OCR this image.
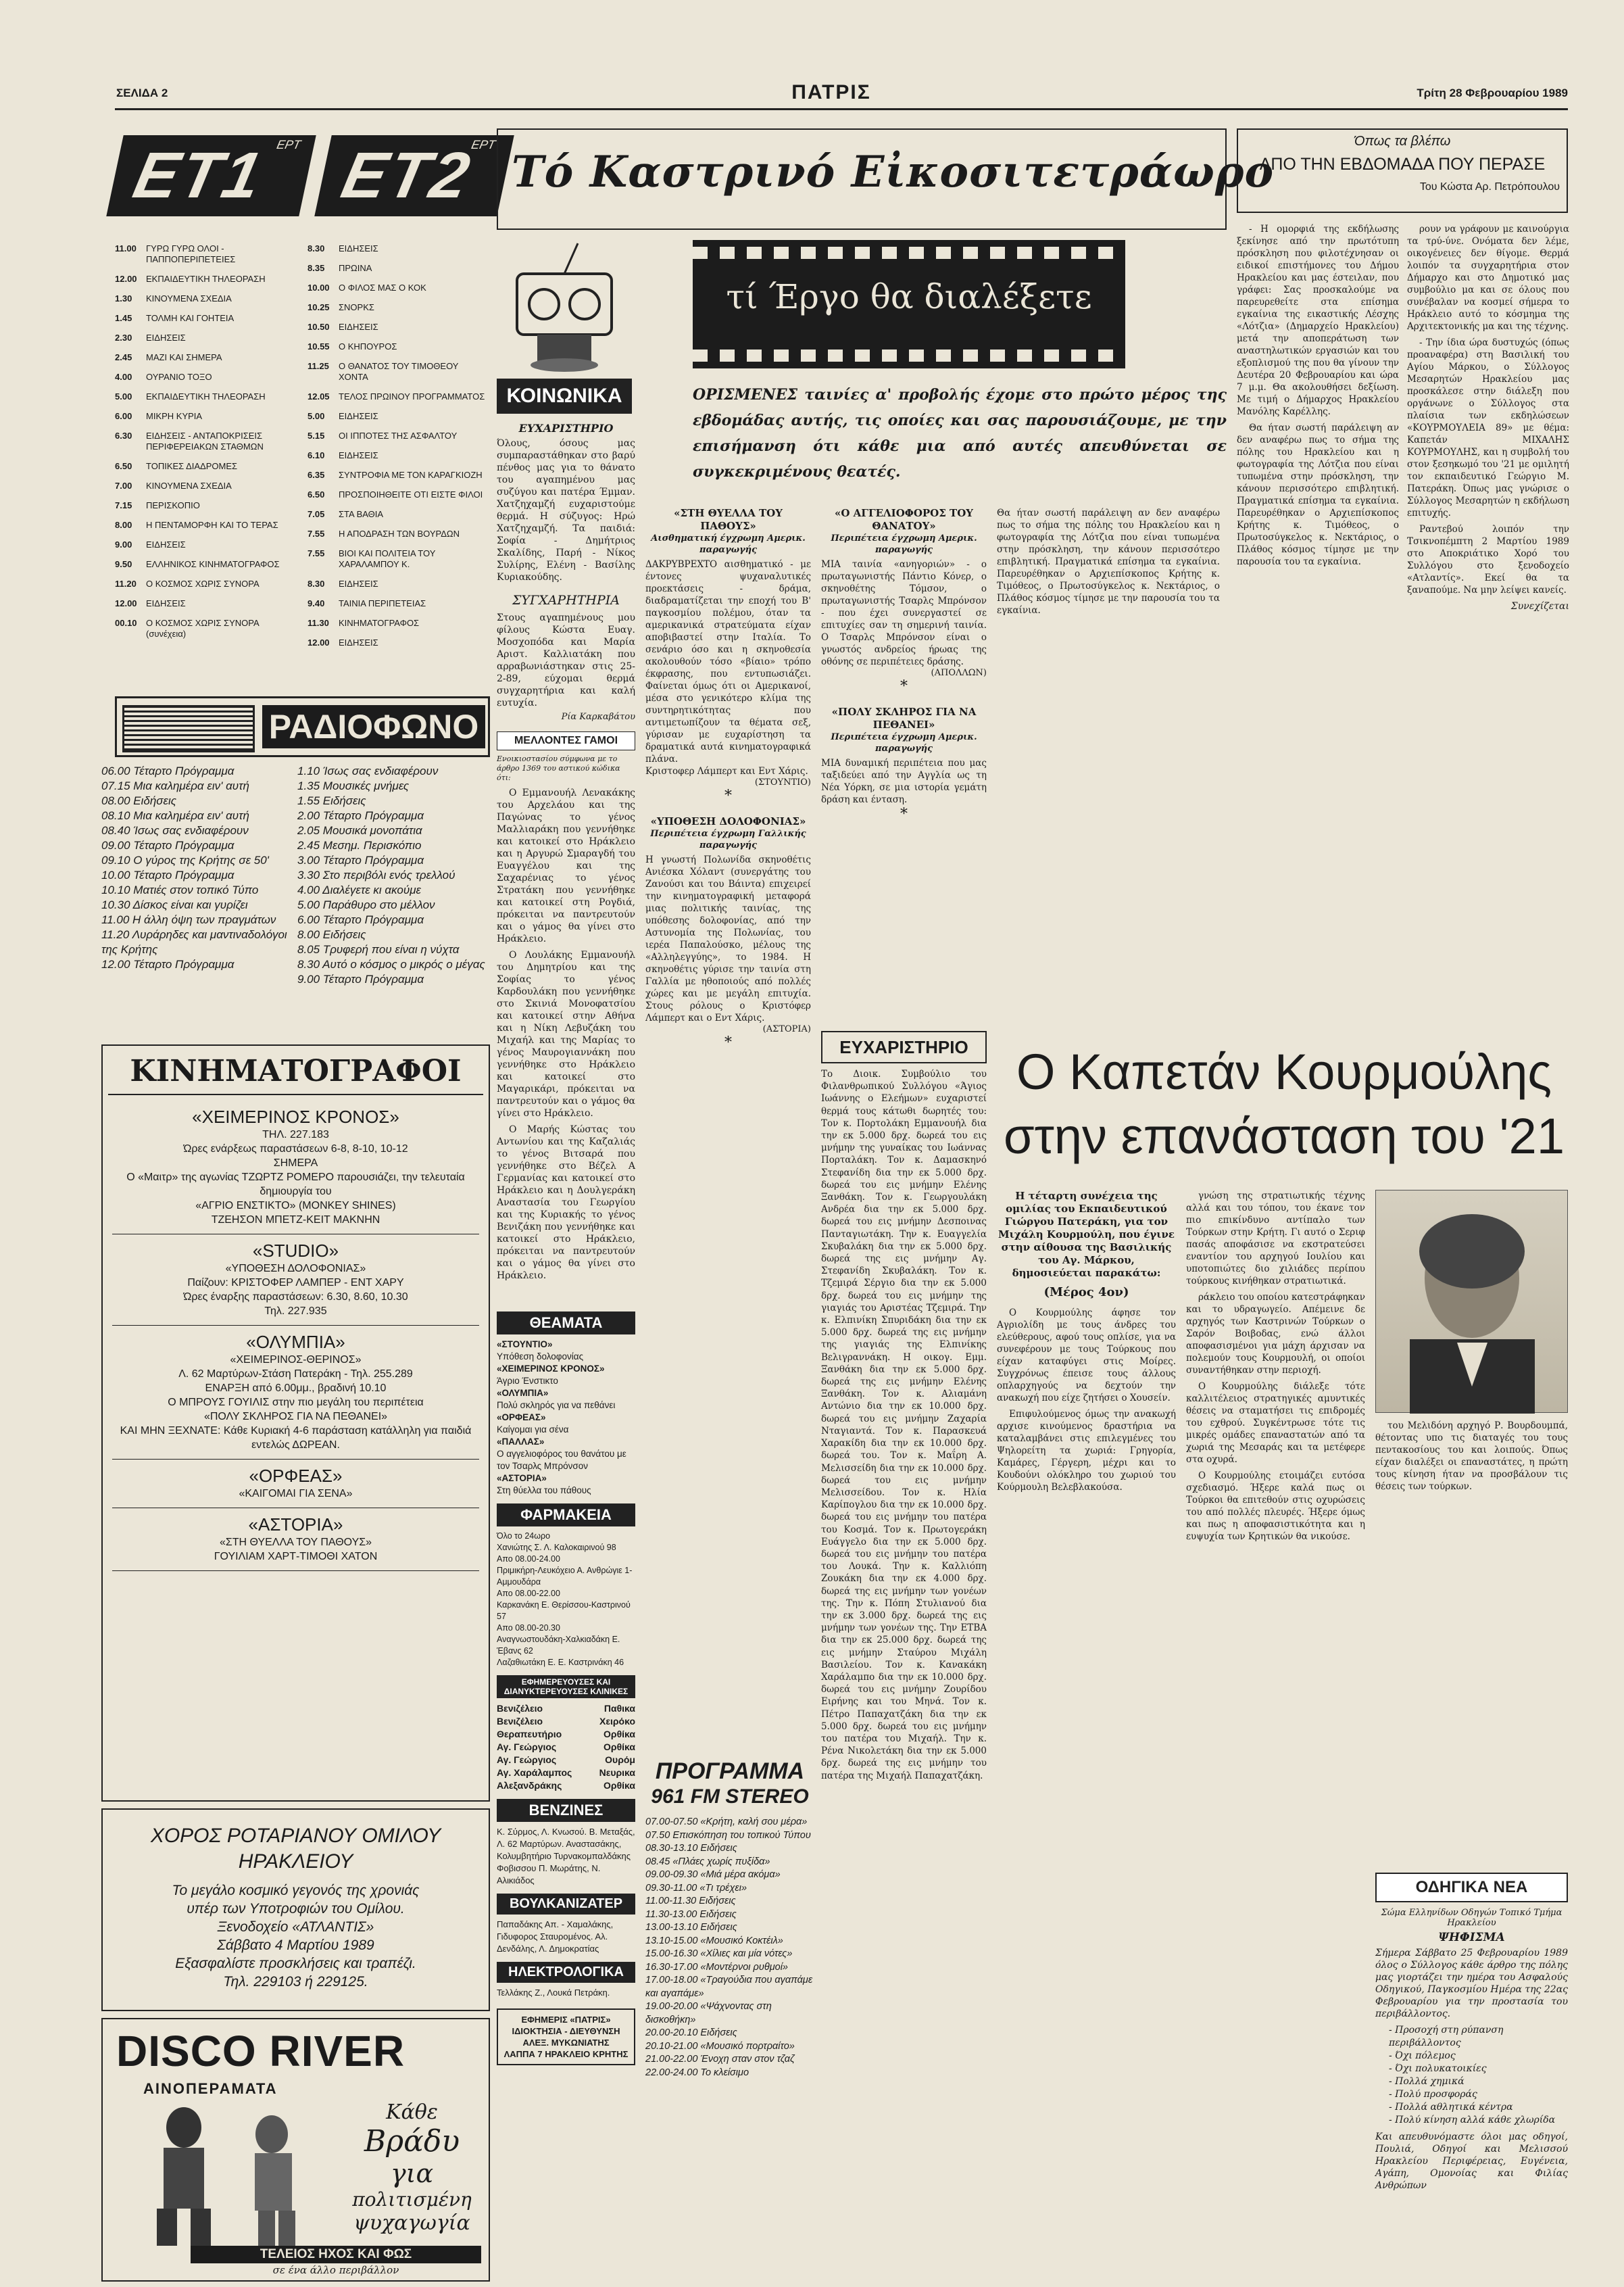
ΣΕΛΙΔΑ 2	ΠΑΤΡΙΣ	Τρίτη 28 Φεβρουαρίου 1989
ΕΤ1 ΕΡΤ ΕΤ2
ΕΡΤ
11.00	ΓΥΡΩ ΓΥΡΩ ΟΛΟΙ - ΠΑΠΠΟΠΕΡΙΠΕΤΕΙΕΣ
12.00	ΕΚΠΑΙΔΕΥΤΙΚΗ ΤΗΛΕΟΡΑΣΗ
1.30	ΚΙΝΟΥΜΕΝΑ ΣΧΕΔΙΑ
1.45	ΤΟΛΜΗ ΚΑΙ ΓΟΗΤΕΙΑ
2.30	ΕΙΔΗΣΕΙΣ
2.45	ΜΑΖΙ ΚΑΙ ΣΗΜΕΡΑ
4.00	ΟΥΡΑΝΙΟ ΤΟΞΟ
5.00	ΕΚΠΑΙΔΕΥΤΙΚΗ ΤΗΛΕΟΡΑΣΗ
6.00	ΜΙΚΡΗ ΚΥΡΙΑ
6.30	ΕΙΔΗΣΕΙΣ - ΑΝΤΑΠΟΚΡΙΣΕΙΣ ΠΕΡΙΦΕΡΕΙΑΚΩΝ ΣΤΑΘΜΩΝ
6.50	ΤΟΠΙΚΕΣ ΔΙΑΔΡΟΜΕΣ
7.00	ΚΙΝΟΥΜΕΝΑ ΣΧΕΔΙΑ
7.15	ΠΕΡΙΣΚΟΠΙΟ
8.00	Η ΠΕΝΤΑΜΟΡΦΗ ΚΑΙ ΤΟ ΤΕΡΑΣ
9.00	ΕΙΔΗΣΕΙΣ
9.50	ΕΛΛΗΝΙΚΟΣ ΚΙΝΗΜΑΤΟΓΡΑΦΟΣ
11.20	Ο ΚΟΣΜΟΣ ΧΩΡΙΣ ΣΥΝΟΡΑ
12.00	ΕΙΔΗΣΕΙΣ
00.10	Ο ΚΟΣΜΟΣ ΧΩΡΙΣ ΣΥΝΟΡΑ (συνέχεια)
8.30	ΕΙΔΗΣΕΙΣ
8.35	ΠΡΩΙΝΑ
10.00	Ο ΦΙΛΟΣ ΜΑΣ Ο ΚΟΚ
10.25	ΣΝΟΡΚΣ
10.50	ΕΙΔΗΣΕΙΣ
10.55	Ο ΚΗΠΟΥΡΟΣ
11.25	Ο ΘΑΝΑΤΟΣ ΤΟΥ ΤΙΜΟΘΕΟΥ ΧΟΝΤΑ
12.05	ΤΕΛΟΣ ΠΡΩΙΝΟΥ ΠΡΟΓΡΑΜΜΑΤΟΣ
5.00	ΕΙΔΗΣΕΙΣ
5.15	ΟΙ ΙΠΠΟΤΕΣ ΤΗΣ ΑΣΦΑΛΤΟΥ
6.10	ΕΙΔΗΣΕΙΣ
6.35	ΣΥΝΤΡΟΦΙΑ ΜΕ ΤΟΝ ΚΑΡΑΓΚΙΟΖΗ
6.50	ΠΡΟΣΠΟΙΗΘΕΙΤΕ ΟΤΙ ΕΙΣΤΕ ΦΙΛΟΙ
7.05	ΣΤΑ ΒΑΘΙΑ
7.55	Η ΑΠΟΔΡΑΣΗ ΤΩΝ ΒΟΥΡΔΩΝ
7.55	ΒΙΟΙ ΚΑΙ ΠΟΛΙΤΕΙΑ ΤΟΥ ΧΑΡΑΛΑΜΠΟΥ Κ.
8.30	ΕΙΔΗΣΕΙΣ
9.40	ΤΑΙΝΙΑ ΠΕΡΙΠΕΤΕΙΑΣ
11.30	ΚΙΝΗΜΑΤΟΓΡΑΦΟΣ
12.00	ΕΙΔΗΣΕΙΣ
ΡΑΔΙΟΦΩΝΟ
06.00 Τέταρτο Πρόγραμμα
07.15 Μια καλημέρα ειν' αυτή
08.00 Ειδήσεις
08.10 Μια καλημέρα ειν' αυτή
08.40 Ίσως σας ενδιαφέρουν
09.00 Τέταρτο Πρόγραμμα
09.10 Ο γύρος της Κρήτης σε 50'
10.00 Τέταρτο Πρόγραμμα
10.10 Ματιές στον τοπικό Τύπο
10.30 Δίσκος είναι και γυρίζει
11.00 Η άλλη όψη των πραγμάτων
11.20 Λυράρηδες και μαντιναδολόγοι της Κρήτης
12.00 Τέταρτο Πρόγραμμα
1.10 Ίσως σας ενδιαφέρουν
1.35 Μουσικές μνήμες
1.55 Ειδήσεις
2.00 Τέταρτο Πρόγραμμα
2.05 Μουσικά μονοπάτια
2.45 Μεσημ. Περισκόπιο
3.00 Τέταρτο Πρόγραμμα
3.30 Στο περιβόλι ενός τρελλού
4.00 Διαλέγετε κι ακούμε
5.00 Παράθυρο στο μέλλον
6.00 Τέταρτο Πρόγραμμα
8.00 Ειδήσεις
8.05 Τρυφερή που είναι η νύχτα
8.30 Αυτό ο κόσμος ο μικρός ο μέγας
9.00 Τέταρτο Πρόγραμμα
ΚΙΝΗΜΑΤΟΓΡΑΦΟΙ
«ΧΕΙΜΕΡΙΝΟΣ ΚΡΟΝΟΣ»
ΤΗΛ. 227.183
Ώρες ενάρξεως παραστάσεων 6-8, 8-10, 10-12
ΣΗΜΕΡΑ
Ο «Μαιτρ» της αγωνίας ΤΖΩΡΤΖ ΡΟΜΕΡΟ παρουσιάζει, την τελευταία δημιουργία του
«ΑΓΡΙΟ ΕΝΣΤΙΚΤΟ» (MONKEY SHINES)
ΤΖΕΗΣΟΝ ΜΠΕΤΖ-ΚΕΙΤ ΜΑΚΝΗΝ
«STUDIO»
«ΥΠΟΘΕΣΗ ΔΟΛΟΦΟΝΙΑΣ»
Παίζουν: ΚΡΙΣΤΟΦΕΡ ΛΑΜΠΕΡ - ΕΝΤ ΧΑΡΥ
Ώρες έναρξης παραστάσεων: 6.30, 8.60, 10.30
Τηλ. 227.935
«ΟΛΥΜΠΙΑ»
«ΧΕΙΜΕΡΙΝΟΣ-ΘΕΡΙΝΟΣ»
Λ. 62 Μαρτύρων-Στάση Πατεράκη - Τηλ. 255.289
ΕΝΑΡΞΗ από 6.00μμ., βραδινή 10.10
Ο ΜΠΡΟΥΣ ΓΟΥΙΛΙΣ στην πιο μεγάλη του περιπέτεια
«ΠΟΛΥ ΣΚΛΗΡΟΣ ΓΙΑ ΝΑ ΠΕΘΑΝΕΙ»
ΚΑΙ ΜΗΝ ΞΕΧΝΑΤΕ: Κάθε Κυριακή 4-6 παράσταση κατάλληλη για παιδιά εντελώς ΔΩΡΕΑΝ.
«ΟΡΦΕΑΣ»
«ΚΑΙΓΟΜΑΙ ΓΙΑ ΣΕΝΑ»
«ΑΣΤΟΡΙΑ»
«ΣΤΗ ΘΥΕΛΛΑ ΤΟΥ ΠΑΘΟΥΣ»
ΓΟΥΙΛΙΑΜ ΧΑΡΤ-ΤΙΜΟΘΙ ΧΑΤΟΝ
ΧΟΡΟΣ ΡΟΤΑΡΙΑΝΟΥ ΟΜΙΛΟΥ ΗΡΑΚΛΕΙΟΥ
Το μεγάλο κοσμικό γεγονός της χρονιάς
υπέρ των Υποτροφιών του Ομίλου.
Ξενοδοχείο «ΑΤΛΑΝΤΙΣ»
Σάββατο 4 Μαρτίου 1989
Εξασφαλίστε προσκλήσεις και τραπέζι.
Τηλ. 229103 ή 229125.
DISCO RIVER
ΑΙΝΟΠΕΡΑΜΑΤΑ
Κάθε
Βράδυ
για
πολιτισμένη
ψυχαγωγία
ΤΕΛΕΙΟΣ ΗΧΟΣ ΚΑΙ ΦΩΣ
σε ένα άλλο περιβάλλον
Τό Καστρινό Εἰκοσιτετράωρο
ΚΟΙΝΩΝΙΚΑ
ΕΥΧΑΡΙΣΤΗΡΙΟ
Όλους, όσους μας συμπαραστάθηκαν στο βαρύ πένθος μας για το θάνατο του αγαπημένου μας συζύγου και πατέρα Έμμαν. Χατζηχαμζή ευχαριστούμε θερμά. Η σύζυγος: Ηρώ Χατζηχαμζή. Τα παιδιά: Σοφία - Δημήτριος Σκαλίδης, Παρή - Νίκος Συλίρης, Ελένη - Βασίλης Κυριακούδης.
ΣΥΓΧΑΡΗΤΗΡΙΑ
Στους αγαπημένους μου φίλους Κώστα Ευαγ. Μοσχοπόδα και Μαρία Αριστ. Καλλιατάκη που αρραβωνιάστηκαν στις 25-2-89, εύχομαι θερμά συγχαρητήρια και καλή ευτυχία.
Ρία Καρκαβάτου
ΜΕΛΛΟΝΤΕΣ ΓΑΜΟΙ
Ενοικιοστασίου σύμφωνα με το άρθρο 1369 του αστικού κώδικα ότι:

Ο Εμμανουήλ Λενακάκης του Αρχελάου και της Παγώνας το γένος Μαλλιαράκη που γεννήθηκε και κατοικεί στο Ηράκλειο και η Αργυρώ Σμαραγδή του Ευαγγέλου και της Σαχαρένιας το γένος Στρατάκη που γεννήθηκε και κατοικεί στη Ρογδιά, πρόκειται να παντρευτούν και ο γάμος θα γίνει στο Ηράκλειο.

Ο Λουλάκης Εμμανουήλ του Δημητρίου και της Σοφίας το γένος Καρδουλάκη που γεννήθηκε στο Σκινιά Μονοφατσίου και κατοικεί στην Αθήνα και η Νίκη Λεβυζάκη του Μιχαήλ και της Μαρίας το γένος Μαυρογιαννάκη που γεννήθηκε στο Ηράκλειο και κατοικεί στο Μαγαρικάρι, πρόκειται να παντρευτούν και ο γάμος θα γίνει στο Ηράκλειο.

Ο Μαρής Κώστας του Αντωνίου και της Καζαλιάς το γένος Βιτσαρά που γεννήθηκε στο Βέζελ Α Γερμανίας και κατοικεί στο Ηράκλειο και η Δουλγεράκη Αναστασία του Γεωργίου και της Κυριακής το γένος Βενιζάκη που γεννήθηκε και κατοικεί στο Ηράκλειο, πρόκειται να παντρευτούν και ο γάμος θα γίνει στο Ηράκλειο.

ΘΕΑΜΑΤΑ
«ΣΤΟΥΝΤΙΟ»
Υπόθεση δολοφονίας
«ΧΕΙΜΕΡΙΝΟΣ ΚΡΟΝΟΣ»
Άγριο Ένστικτο
«ΟΛΥΜΠΙΑ»
Πολύ σκληρός για να πεθάνει
«ΟΡΦΕΑΣ»
Καίγομαι για σένα
«ΠΑΛΛΑΣ»
Ο αγγελιοφόρος του θανάτου με τον Τσαρλς Μπρόνσον
«ΑΣΤΟΡΙΑ»
Στη θύελλα του πάθους
ΦΑΡΜΑΚΕΙΑ
Όλο το 24ωρο
Χανιώτης Σ. Λ. Καλοκαιρινού 98
Απο 08.00-24.00
Πριμικήρη-Λευκόχειο Α. Ανθρώγιε 1-Αμμουδάρα
Απο 08.00-22.00
Καρκανάκη Ε. Θερίσσου-Καστρινού 57
Απο 08.00-20.30
Αναγνωστουδάκη-Χαλκιαδάκη Ε. Έβανς 62
Λαζαθιωτάκη Ε. Ε. Καστρινάκη 46
ΕΦΗΜΕΡΕΥΟΥΣΕΣ ΚΑΙ ΔΙΑΝΥΚΤΕΡΕΥΟΥΣΕΣ ΚΛΙΝΙΚΕΣ
Βενιζέλειο	Παθικα
Βενιζέλειο	Χειρόκο
Θεραπευτήριο	Ορθίκα
Αγ. Γεώργιος	Ορθίκα
Αγ. Γεώργιος	Ουρόμ
Αγ. Χαράλαμπος	Νευρικα
Αλεξανδράκης	Ορθίκα
ΒΕΝΖΙΝΕΣ
Κ. Σύρμος, Λ. Κνωσού. Β. Μεταξάς, Λ. 62 Μαρτύρων. Αναστασάκης, Κολυμβητήριο Τυρνακομπαλδάκης Φοβισσου Π. Μωράτης, Ν. Αλικιάδος
ΒΟΥΛΚΑΝΙΖΑΤΕΡ
Παπαδάκης Απ. - Χαμαλάκης, Γιδυφορος Σταυρομένος. Αλ. Δενδάλης, Λ. Δημοκρατίας
ΗΛΕΚΤΡΟΛΟΓΙΚΑ
Τελλάκης Ζ., Λουκά Πετράκη.
ΕΦΗΜΕΡΙΣ «ΠΑΤΡΙΣ»
ΙΔΙΟΚΤΗΣΙΑ - ΔΙΕΥΘΥΝΣΗ
ΑΛΕΞ. ΜΥΚΩΝΙΑΤΗΣ
ΛΑΠΠΑ 7 ΗΡΑΚΛΕΙΟ ΚΡΗΤΗΣ
τί Έργο θα διαλέξετε
ΟΡΙΣΜΕΝΕΣ ταινίες α' προβολής έχομε στο πρώτο μέρος της εβδομάδας αυτής, τις οποίες και σας παρουσιάζουμε, με την επισήμανση ότι κάθε μια από αυτές απευθύνεται σε συγκεκριμένους θεατές.
«ΣΤΗ ΘΥΕΛΛΑ ΤΟΥ ΠΑΘΟΥΣ»
Αισθηματική έγχρωμη Αμερικ. παραγωγής
ΔΑΚΡΥΒΡΕΧΤΟ αισθηματικό - με έντονες ψυχαναλυτικές προεκτάσεις - δράμα, διαδραματίζεται την εποχή του Β' παγκοσμίου πολέμου, όταν τα αμερικανικά στρατεύματα είχαν αποβιβαστεί στην Ιταλία. Το σενάριο όσο και η σκηνοθεσία ακολουθούν τόσο «βίαιο» τρόπο έκφρασης, που εντυπωσιάζει. Φαίνεται όμως ότι οι Αμερικανοί, μέσα στο γενικότερο κλίμα της συντηρητικότητας που αντιμετωπίζουν τα θέματα σεξ, γύρισαν με ευχαρίστηση τα δραματικά αυτά κινηματογραφικά πλάνα.
Κριστοφερ Λάμπερτ και Εντ Χάρις.
(ΣΤΟΥΝΤΙΟ)
*
«ΥΠΟΘΕΣΗ ΔΟΛΟΦΟΝΙΑΣ»
Περιπέτεια έγχρωμη Γαλλικής παραγωγής
Η γνωστή Πολωνίδα σκηνοθέτις Ανιέσκα Χόλαντ (συνεργάτης του Ζανούσι και του Βάιντα) επιχειρεί την κινηματογραφική μεταφορά μιας πολιτικής ταινίας, της υπόθεσης δολοφονίας, από την Αστυνομία της Πολωνίας, του ιερέα Παπαλούσκο, μέλους της «Αλληλεγγύης», το 1984. Η σκηνοθέτις γύρισε την ταινία στη Γαλλία με ηθοποιούς από πολλές χώρες και με μεγάλη επιτυχία. Στους ρόλους ο Κριστόφερ Λάμπερτ και ο Εντ Χάρις.
(ΑΣΤΟΡΙΑ)
*
«Ο ΑΓΓΕΛΙΟΦΟΡΟΣ ΤΟΥ ΘΑΝΑΤΟΥ»
Περιπέτεια έγχρωμη Αμερικ. παραγωγής
ΜΙΑ ταινία «ανηγοριών» - ο πρωταγωνιστής Πάντιο Κόνερ, ο σκηνοθέτης Τόμσον, ο πρωταγωνιστής Τσαρλς Μπρόνσον - που έχει συνεργαστεί σε επιτυχίες σαν τη σημερινή ταινία. Ο Τσαρλς Μπρόνσον είναι ο γνωστός ανδρείος ήρωας της οθόνης σε περιπέτειες δράσης.
(ΑΠΟΛΛΩΝ)
*
«ΠΟΛΥ ΣΚΛΗΡΟΣ ΓΙΑ ΝΑ ΠΕΘΑΝΕΙ»
Περιπέτεια έγχρωμη Αμερικ. παραγωγής
ΜΙΑ δυναμική περιπέτεια που μας ταξιδεύει από την Αγγλία ως τη Νέα Υόρκη, σε μια ιστορία γεμάτη δράση και ένταση.
*
Θα ήταν σωστή παράλειψη αν δεν αναφέρω πως το σήμα της πόλης του Ηρακλείου και η φωτογραφία της Λότζια που είναι τυπωμένα στην πρόσκληση, την κάνουν περισσότερο επιβλητική. Πραγματικά επίσημα τα εγκαίνια. Παρευρέθηκαν ο Αρχιεπίσκοπος Κρήτης κ. Τιμόθεος, ο Πρωτοσύγκελος κ. Νεκτάριος, ο Πλάθος κόσμος τίμησε με την παρουσία του τα εγκαίνια.
ΕΥΧΑΡΙΣΤΗΡΙΟ
Το Διοικ. Συμβούλιο του Φιλανθρωπικού Συλλόγου «Άγιος Ιωάννης ο Ελεήμων» ευχαριστεί θερμά τους κάτωθι δωρητές του: Τον κ. Πορτολάκη Εμμανουήλ δια την εκ 5.000 δρχ. δωρεά του εις μνήμην της γυναίκας του Ιωάννας Πορταλάκη. Τον κ. Δαμασκηνό Στεφανίδη δια την εκ 5.000 δρχ. δωρεά του εις μνήμην Ελένης Ξανθάκη. Τον κ. Γεωργουλάκη Ανδρέα δια την εκ 5.000 δρχ. δωρεά του εις μνήμην Δεσποινας Πανταγιωτάκη. Την κ. Ευαγγελία Σκυβαλάκη δια την εκ 5.000 δρχ. δωρεά της εις μνήμην Αγ. Στεφανίδη Σκυβαλάκη. Τον κ. Τζεμιρά Σέργιο δια την εκ 5.000 δρχ. δωρεά του εις μνήμην της γιαγιάς του Αριστέας Τζεμιρά. Την κ. Ελπινίκη Σπυριδάκη δια την εκ 5.000 δρχ. δωρεά της εις μνήμην της γιαγιάς της Ελπινίκης Βελιγραννάκη. Η οικογ. Εμμ. Ξανθάκη δια την εκ 5.000 δρχ. δωρεά της εις μνήμην Ελένης Ξανθάκη. Τον κ. Αλιαμάνη Αντώνιο δια την εκ 10.000 δρχ. δωρεά του εις μνήμην Ζαχαρία Νταγιαντά. Τον κ. Παρασκευά Χαρακίδη δια την εκ 10.000 δρχ. δωρεά του. Τον κ. Μαΐρη Α. Μελισσείδη δια την εκ 10.000 δρχ. δωρεά του εις μνήμην Μελισσείδου. Τον κ. Ηλία Καρίπογλου δια την εκ 10.000 δρχ. δωρεά του εις μνήμην του πατέρα του Κοσμά. Τον κ. Πρωτογεράκη Ευάγγελο δια την εκ 5.000 δρχ. δωρεά του εις μνήμην του πατέρα του Λουκά. Την κ. Καλλιόπη Ζουκάκη δια την εκ 4.000 δρχ. δωρεά της εις μνήμην των γονέων της. Την κ. Πόπη Στυλιανού δια την εκ 3.000 δρχ. δωρεά της εις μνήμην των γονέων της. Την ΕΤΒΑ δια την εκ 25.000 δρχ. δωρεά της εις μνήμην Σταύρου Μιχάλη Βασιλείου. Τον κ. Κανακάκη Χαράλαμπο δια την εκ 10.000 δρχ. δωρεά του εις μνήμην Ζουρίδου Ειρήνης και του Μηνά. Τον κ. Πέτρο Παπαχατζάκη δια την εκ 5.000 δρχ. δωρεά του εις μνήμην του πατέρα του Μιχαήλ. Την κ. Ρένα Νικολετάκη δια την εκ 5.000 δρχ. δωρεά της εις μνήμην του πατέρα της Μιχαήλ Παπαχατζάκη.
ΠΡΟΓΡΑΜΜΑ
961 FM STEREO
07.00-07.50 «Κρήτη, καλή σου μέρα»
07.50 Επισκόπηση του τοπικού Τύπου
08.30-13.10 Ειδήσεις
08.45 «Πλάες χωρίς πυξίδα»
09.00-09.30 «Μιά μέρα ακόμα»
09.30-11.00 «Τι τρέχει»
11.00-11.30 Ειδήσεις
11.30-13.00 Ειδήσεις
13.00-13.10 Ειδήσεις
13.10-15.00 «Μουσικό Κοκτέιλ»
15.00-16.30 «Χίλιες και μία νότες»
16.30-17.00 «Μοντέρνοι ρυθμοί»
17.00-18.00 «Τραγούδια που αγαπάμε και αγαπάμε»
19.00-20.00 «Ψάχνοντας στη δισκοθήκη»
20.00-20.10 Ειδήσεις
20.10-21.00 «Μουσικό πορτραίτο»
21.00-22.00 Ένοχη σταν στον τζαζ
22.00-24.00 Το κλείσιμο
Όπως τα βλέπω
ΑΠΟ ΤΗΝ ΕΒΔΟΜΑΔΑ ΠΟΥ ΠΕΡΑΣΕ
Του Κώστα Αρ. Πετρόπουλου

- Η ομορφιά της εκδήλωσης ξεκίνησε από την πρωτότυπη πρόσκληση που φιλοτέχνησαν οι ειδικοί επιστήμονες του Δήμου Ηρακλείου και μας έστειλαν, που γράφει: Σας προσκαλούμε να παρευρεθείτε στα επίσημα εγκαίνια της εικαστικής Λέσχης «Λότζια» (Δημαρχείο Ηρακλείου) μετά την αποπεράτωση των αναστηλωτικών εργασιών και του εξοπλισμού της που θα γίνουν την Δευτέρα 20 Φεβρουαρίου και ώρα 7 μ.μ. Θα ακολουθήσει δεξίωση. Με τιμή ο Δήμαρχος Ηρακλείου Μανόλης Καρέλλης.

Θα ήταν σωστή παράλειψη αν δεν αναφέρω πως το σήμα της πόλης του Ηρακλείου και η φωτογραφία της Λότζια που είναι τυπωμένα στην πρόσκληση, την κάνουν περισσότερο επιβλητική. Πραγματικά επίσημα τα εγκαίνια. Παρευρέθηκαν ο Αρχιεπίσκοπος Κρήτης κ. Τιμόθεος, ο Πρωτοσύγκελος κ. Νεκτάριος, ο Πλάθος κόσμος τίμησε με την παρουσία του τα εγκαίνια.

ρουν να γράφουν με καινούργια τα τρύ-ύνε. Ονόματα δεν λέμε, οικογένειες δεν θίγομε. Θερμά λοιπόν τα συγχαρητήρια στον Δήμαρχο και στο Δημοτικό μας συμβούλιο μα και σε όλους που συνέβαλαν να κοσμεί σήμερα το Ηράκλειο αυτό το κόσμημα της Αρχιτεκτονικής μα και της τέχνης.

- Την ίδια ώρα δυστυχώς (όπως προαναφέρα) στη Βασιλική του Αγίου Μάρκου, ο Σύλλογος Μεσαρητών Ηρακλείου μας προσκάλεσε στην διάλεξη που οργάνωνε ο Σύλλογος στα πλαίσια των εκδηλώσεων «ΚΟΥΡΜΟΥΛΕΙΑ 89» με θέμα: Καπετάν ΜΙΧΑΛΗΣ ΚΟΥΡΜΟΥΛΗΣ, και η συμβολή του στον ξεσηκωμό του '21 με ομιλητή τον εκπαιδευτικό Γεώργιο Μ. Πατεράκη. Όπως μας γνώρισε ο Σύλλογος Μεσαρητών η εκδήλωση επιτυχής.

Ραντεβού λοιπόν την Τσικνοπέμπτη 2 Μαρτίου 1989 στο Αποκριάτικο Χορό του Συλλόγου στο ξενοδοχείο «Ατλαντίς». Εκεί θα τα ξαναπούμε. Να μην λείψει κανείς.

Συνεχίζεται
Ο Καπετάν Κουρμούλης
στην επανάσταση του '21

Η τέταρτη συνέχεια της ομιλίας του Εκπαιδευτικού Γιώργου Πατεράκη, για τον Μιχάλη Κουρμούλη, που έγινε στην αίθουσα της Βασιλικής του Αγ. Μάρκου, δημοσιεύεται παρακάτω:

(Μέρος 4ον)

Ο Κουρμούλης άφησε τον Αγριολίδη με τους άνδρες του ελεύθερους, αφού τους οπλίσε, για να συνεφέρουν με τους Τούρκους που είχαν καταφύγει στις Μοίρες. Συγχρόνως έπεισε τους άλλους οπλαρχηγούς να δεχτούν την ανακωχή που είχε ζητήσει ο Χουσείν.

Επιφυλούμενος όμως την ανακωχή αρχισε κινούμενος δραστήρια να καταλαμβάνει στις επιλεγμένες του Ψηλορείτη τα χωριά: Γρηγορία, Καμάρες, Γέργερη, μέχρι και το Κουδούνι ολόκληρο του χωριού του Κούρμουλη Βελεβλακούσα.

γνώση της στρατιωτικής τέχνης αλλά και του τόπου, του έκανε τον πιο επικίνδυνο αντίπαλο των Τούρκων στην Κρήτη. Γι αυτό ο Σεριφ πασάς αποφάσισε να εκστρατεύσει εναντίον του αρχηγού Ιουλίου και υποτοπιώτες διο χιλιάδες περίπου τούρκους κινήθηκαν στρατιωτικά.

ράκλειο του οποίου κατεστράφηκαν και το υδραγωγείο. Απέμεινε δε αρχηγός των Καστρινών Τούρκων ο Σαρόν Βοιβοδας, ενώ άλλοι αποφασισμένοι για μάχη άρχισαν να πολεμούν τους Κουρμουλή, οι οποίοι συναντήθηκαν στην περιοχή.

Ο Κουρμούλης διάλεξε τότε καλλιτέλειος στρατηγικές αμυντικές θέσεις να σταματήσει τις επιδρομές του εχθρού. Συγκέντρωσε τότε τις μικρές ομάδες επαναστατών από τα χωριά της Μεσαράς και τα μετέφερε στα οχυρά.

Ο Κουρμούλης ετοιμάζει ευτόσα σχεδιασμό. Ήξερε καλά πως οι Τούρκοι θα επιτεθούν στις οχυρώσεις του από πολλές πλευρές. Ήξερε όμως και πως η αποφασιστικότητα και η ευψυχία των Κρητικών θα νικούσε.

του Μελιδόνη αρχηγό Ρ. Βουρδουμπά, θέτοντας υπο τις διαταγές του τους πεντακοσίους του και λοιπούς. Όπως είχαν διαλέξει οι επαναστάτες, η πρώτη τους κίνηση ήταν να προσβάλουν τις θέσεις των τούρκων.

ΟΔΗΓΙΚΑ ΝΕΑ
Σώμα Ελληνίδων Οδηγών Τοπικό Τμήμα Ηρακλείου
ΨΗΦΙΣΜΑ
Σήμερα Σάββατο 25 Φεβρουαρίου 1989 όλος ο Σύλλογος κάθε άρθρο της πόλης μας γιορτάζει την ημέρα του Ασφαλούς Οδηγικού, Παγκοσμίου Ημέρα της 22ας Φεβρουαρίου για την προστασία του περιβάλλοντος.
- Προσοχή στη ρύπανση περιβάλλοντος
- Όχι πόλεμος
- Όχι πολυκατοικίες
- Πολλά χημικά
- Πολύ προσφοράς
- Πολλά αθλητικά κέντρα
- Πολύ κίνηση αλλά κάθε χλωρίδα
Και απευθυνόμαστε όλοι μας οδηγοί, Πουλιά, Οδηγοί και Μελισσού Ηρακλείου Περιφέρειας, Ευγένεια, Αγάπη, Ομονοίας και Φιλίας Ανθρώπων
